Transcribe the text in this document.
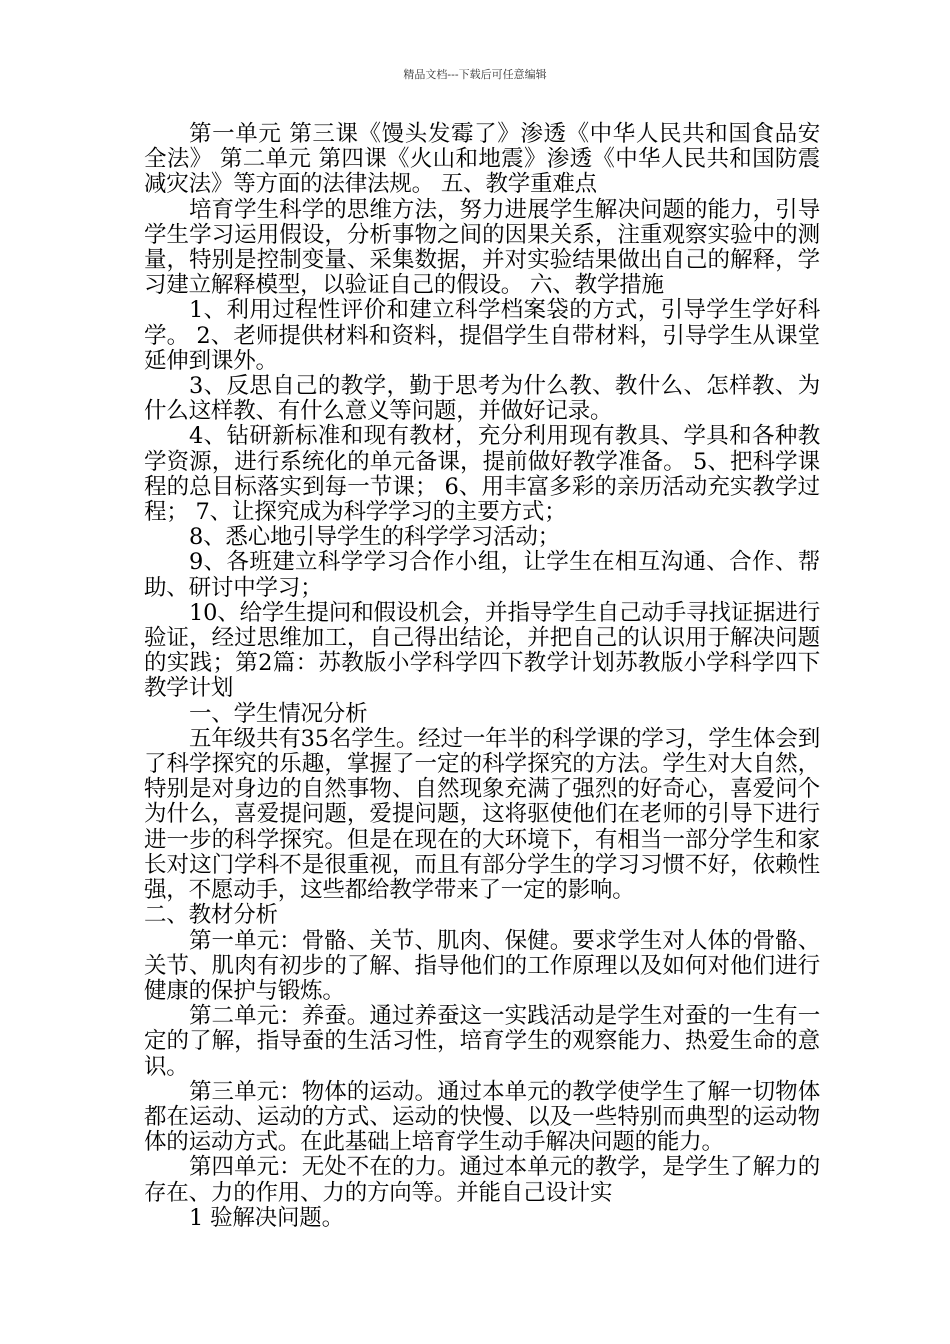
精品文档---下载后可任意编辑

第一单元 第三课《馒头发霉了》渗透《中华人民共和国食品安全法》 第二单元 第四课《火山和地震》渗透《中华人民共和国防震减灾法》等方面的法律法规。 五、教学重难点

培育学生科学的思维方法，努力进展学生解决问题的能力，引导学生学习运用假设，分析事物之间的因果关系，注重观察实验中的测量，特别是控制变量、采集数据，并对实验结果做出自己的解释，学习建立解释模型，以验证自己的假设。 六、教学措施

1、利用过程性评价和建立科学档案袋的方式，引导学生学好科学。 2、老师提供材料和资料，提倡学生自带材料，引导学生从课堂延伸到课外。

3、反思自己的教学，勤于思考为什么教、教什么、怎样教、为什么这样教、有什么意义等问题，并做好记录。

4、钻研新标准和现有教材，充分利用现有教具、学具和各种教学资源，进行系统化的单元备课，提前做好教学准备。 5、把科学课程的总目标落实到每一节课； 6、用丰富多彩的亲历活动充实教学过程； 7、让探究成为科学学习的主要方式；

8、悉心地引导学生的科学学习活动；

9、各班建立科学学习合作小组，让学生在相互沟通、合作、帮助、研讨中学习；

10、给学生提问和假设机会，并指导学生自己动手寻找证据进行验证，经过思维加工，自己得出结论，并把自己的认识用于解决问题的实践；第2篇：苏教版小学科学四下教学计划苏教版小学科学四下教学计划

一、学生情况分析

五年级共有35名学生。经过一年半的科学课的学习，学生体会到了科学探究的乐趣，掌握了一定的科学探究的方法。学生对大自然，特别是对身边的自然事物、自然现象充满了强烈的好奇心，喜爱问个为什么，喜爱提问题，爱提问题，这将驱使他们在老师的引导下进行进一步的科学探究。但是在现在的大环境下，有相当一部分学生和家长对这门学科不是很重视，而且有部分学生的学习习惯不好，依赖性强，不愿动手，这些都给教学带来了一定的影响。

二、教材分析

第一单元：骨骼、关节、肌肉、保健。要求学生对人体的骨骼、关节、肌肉有初步的了解、指导他们的工作原理以及如何对他们进行健康的保护与锻炼。

第二单元：养蚕。通过养蚕这一实践活动是学生对蚕的一生有一定的了解，指导蚕的生活习性，培育学生的观察能力、热爱生命的意识。

第三单元：物体的运动。通过本单元的教学使学生了解一切物体都在运动、运动的方式、运动的快慢、以及一些特别而典型的运动物体的运动方式。在此基础上培育学生动手解决问题的能力。

第四单元：无处不在的力。通过本单元的教学，是学生了解力的存在、力的作用、力的方向等。并能自己设计实

1 验解决问题。
